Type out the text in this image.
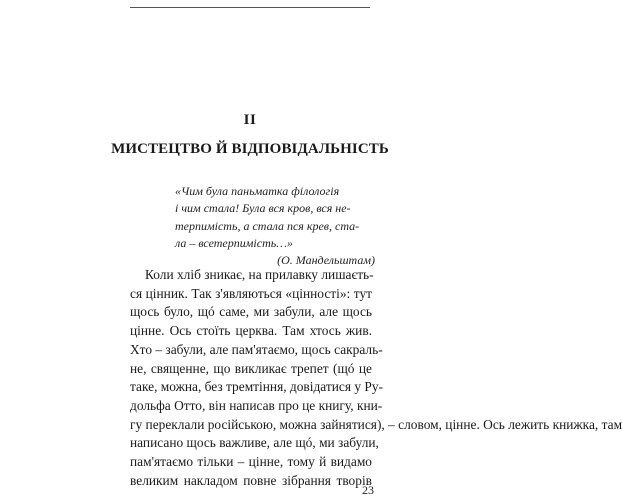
II
МИСТЕЦТВО Й ВІДПОВІДАЛЬНІСТЬ
«Чим була паньматка філологія
і чим стала! Була вся кров, вся не-
терпимість, а стала пся крев, ста-
ла – всетерпимість…»
(О. Мандельштам)
Коли хліб зникає, на прилавку лишаєть-
ся цінник. Так з'являються «цінності»: тут
щось було, щó саме, ми забули, але щось
цінне. Ось стоїть церква. Там хтось жив.
Хто – забули, але пам'ятаємо, щось сакраль-
не, священне, що викликає трепет (щó це
таке, можна, без тремтіння, довідатися у Ру-
дольфа Отто, він написав про це книгу, кни-
гу переклали російською, можна зайнятися), – словом, цінне. Ось лежить книжка, там
написано щось важливе, але щó, ми забули,
пам'ятаємо тільки – цінне, тому й видамо
великим накладом повне зібрання творів
23
